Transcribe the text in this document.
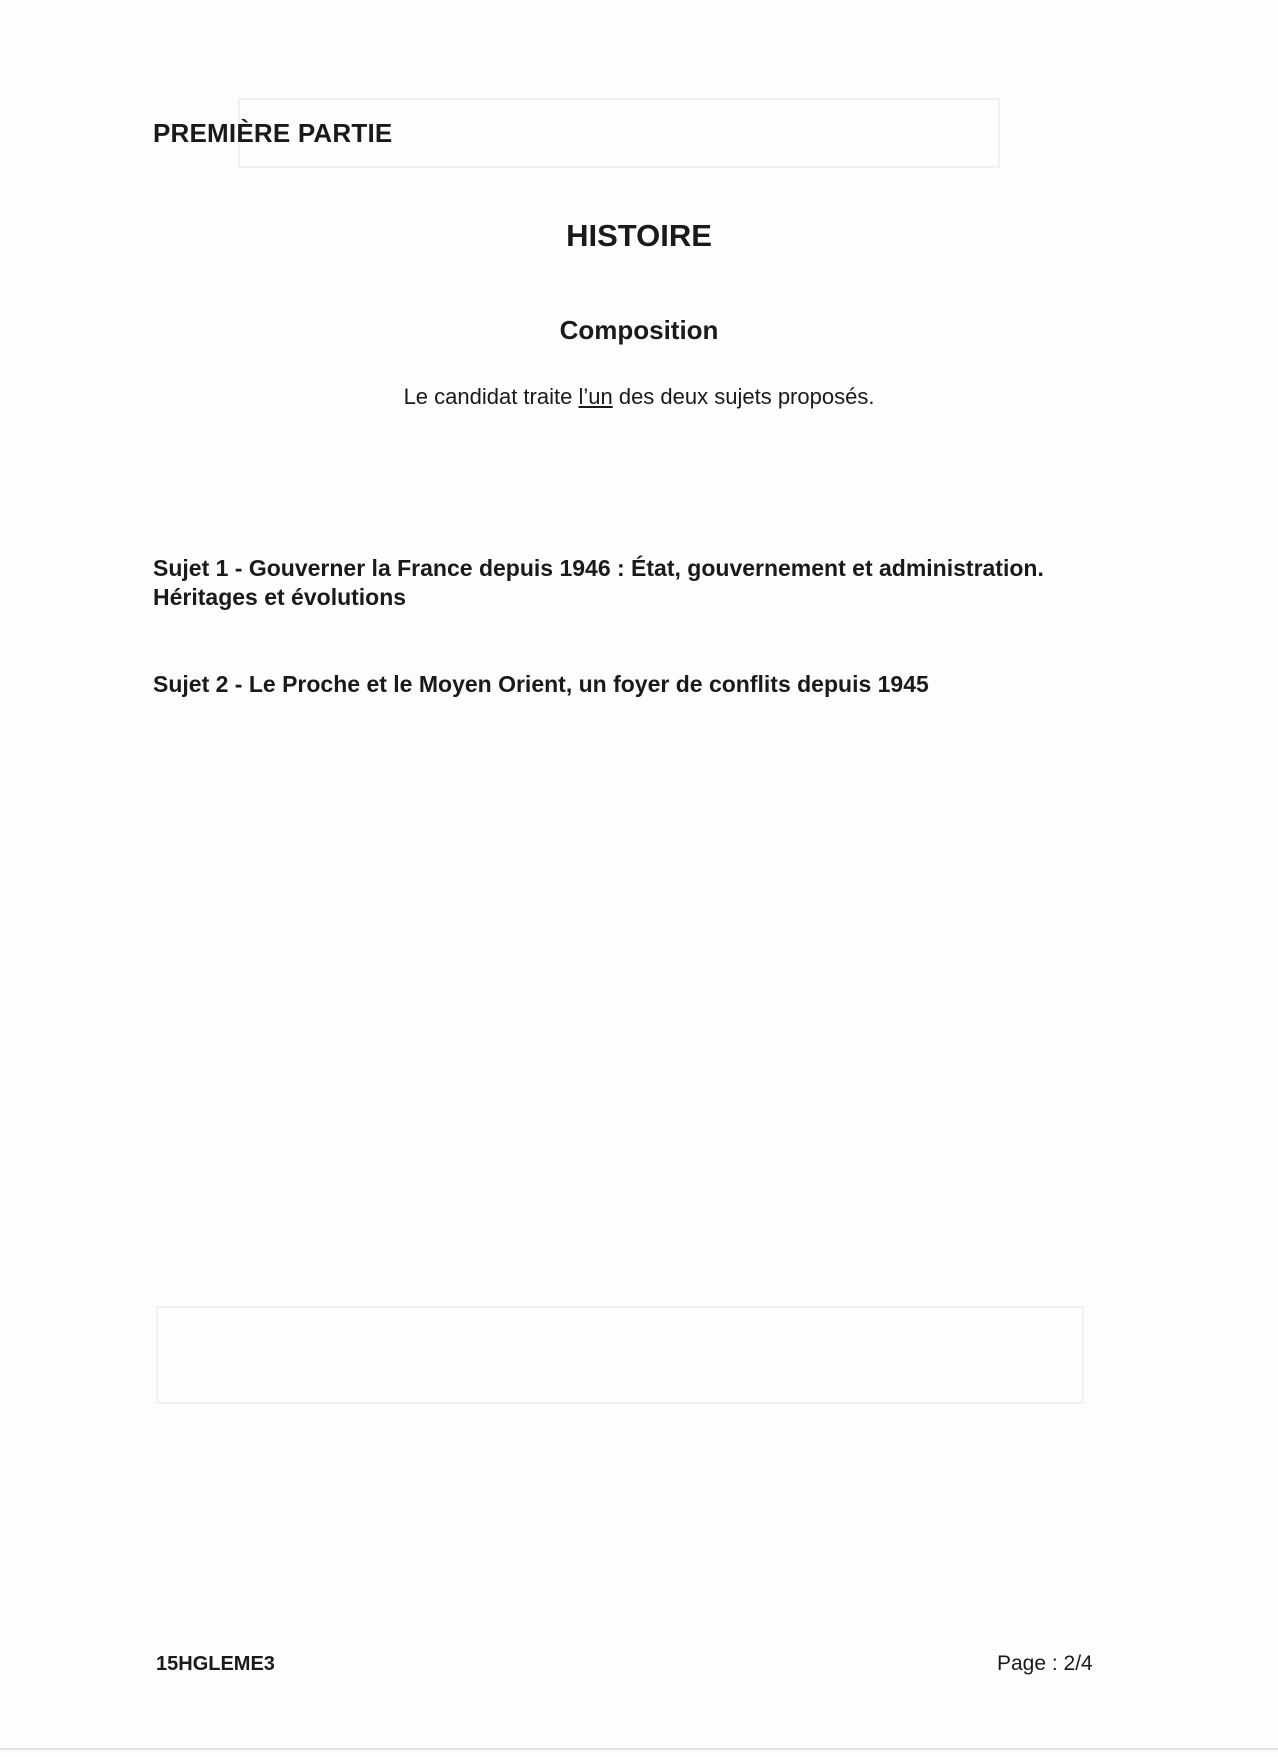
PREMIÈRE PARTIE
HISTOIRE
Composition
Le candidat traite l’un des deux sujets proposés.
Sujet 1 - Gouverner la France depuis 1946 : État, gouvernement et administration.
Héritages et évolutions
Sujet 2 - Le Proche et le Moyen Orient, un foyer de conflits depuis 1945
15HGLEME3	Page : 2/4
